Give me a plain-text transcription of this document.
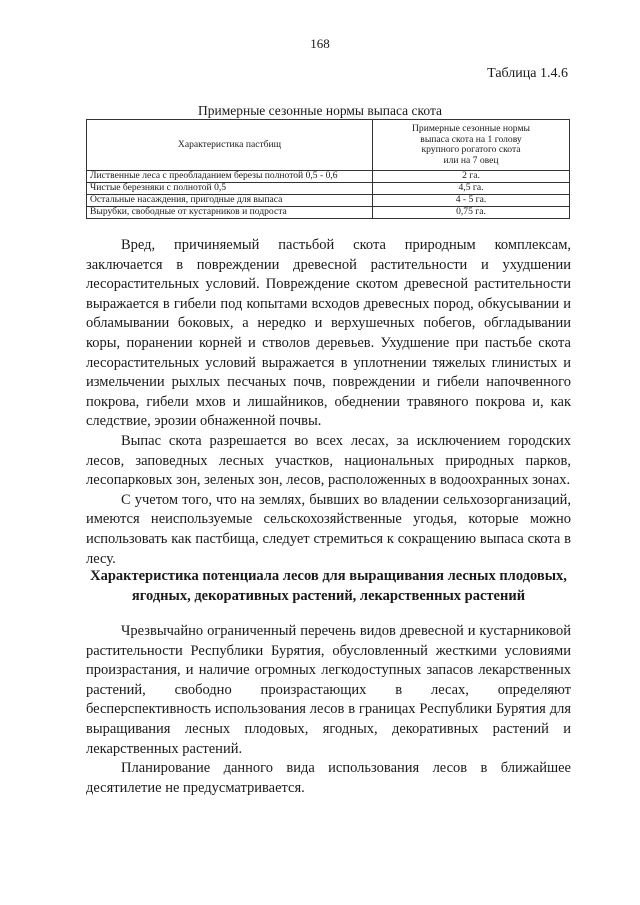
168
Таблица 1.4.6
Примерные сезонные нормы выпаса скота
Характеристика пастбищ	Примерные сезонные нормы
выпаса скота на 1 голову
крупного рогатого скота
или на 7 овец

Лиственные леса с преобладанием березы полнотой 0,5 - 0,6	2 га.
Чистые березняки с полнотой 0,5	4,5 га.
Остальные насаждения, пригодные для выпаса	4 - 5 га.
Вырубки, свободные от кустарников и подроста	0,75 га.

Вред, причиняемый пастьбой скота природным комплексам, заключается в повреждении древесной растительности и ухудшении лесорастительных условий. Повреждение скотом древесной растительности выражается в гибели под копытами всходов древесных пород, обкусывании и обламывании боковых, а нередко и верхушечных побегов, обгладывании коры, поранении корней и стволов деревьев. Ухудшение при пастьбе скота лесорастительных условий выражается в уплотнении тяжелых глинистых и измельчении рыхлых песчаных почв, повреждении и гибели напочвенного покрова, гибели мхов и лишайников, обеднении травяного покрова и, как следствие, эрозии обнаженной почвы.

Выпас скота разрешается во всех лесах, за исключением городских лесов, заповедных лесных участков, национальных природных парков, лесопарковых зон, зеленых зон, лесов, расположенных в водоохранных зонах.

С учетом того, что на землях, бывших во владении сельхозорганизаций, имеются неиспользуемые сельскохозяйственные угодья, которые можно использовать как пастбища, следует стремиться к сокращению выпаса скота в лесу.

Характеристика потенциала лесов для выращивания лесных плодовых, ягодных, декоративных растений, лекарственных растений

Чрезвычайно ограниченный перечень видов древесной и кустарниковой растительности Республики Бурятия, обусловленный жесткими условиями произрастания, и наличие огромных легкодоступных запасов лекарственных растений, свободно произрастающих в лесах, определяют бесперспективность использования лесов в границах Республики Бурятия для выращивания лесных плодовых, ягодных, декоративных растений и лекарственных растений.

Планирование данного вида использования лесов в ближайшее десятилетие не предусматривается.
